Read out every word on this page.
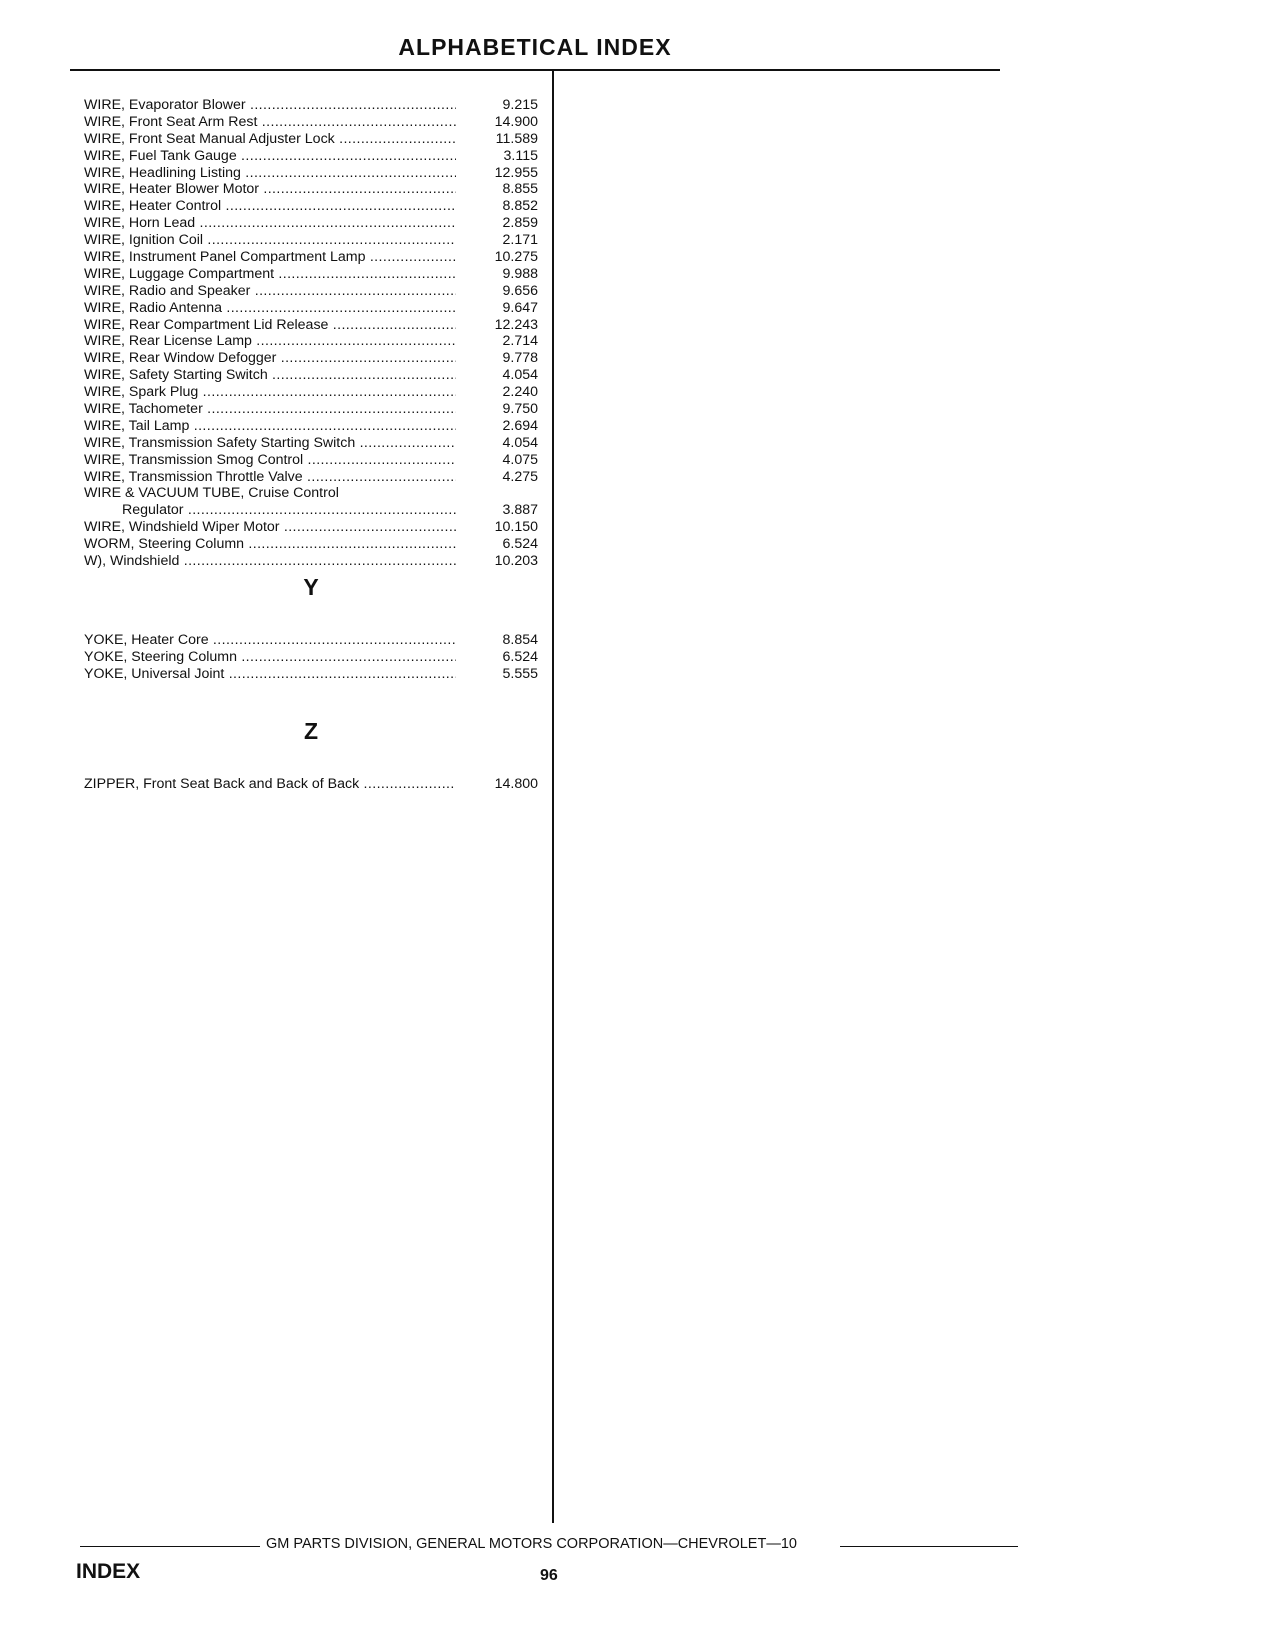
ALPHABETICAL INDEX
WIRE, Evaporator Blower .....	9.215
WIRE, Front Seat Arm Rest .....	14.900
WIRE, Front Seat Manual Adjuster Lock .....	11.589
WIRE, Fuel Tank Gauge .....	3.115
WIRE, Headlining Listing .....	12.955
WIRE, Heater Blower Motor .....	8.855
WIRE, Heater Control .....	8.852
WIRE, Horn Lead .....	2.859
WIRE, Ignition Coil .....	2.171
WIRE, Instrument Panel Compartment Lamp .....	10.275
WIRE, Luggage Compartment .....	9.988
WIRE, Radio and Speaker .....	9.656
WIRE, Radio Antenna .....	9.647
WIRE, Rear Compartment Lid Release .....	12.243
WIRE, Rear License Lamp .....	2.714
WIRE, Rear Window Defogger .....	9.778
WIRE, Safety Starting Switch .....	4.054
WIRE, Spark Plug .....	2.240
WIRE, Tachometer .....	9.750
WIRE, Tail Lamp .....	2.694
WIRE, Transmission Safety Starting Switch .....	4.054
WIRE, Transmission Smog Control .....	4.075
WIRE, Transmission Throttle Valve .....	4.275
WIRE & VACUUM TUBE, Cruise Control
Regulator .....	3.887
WIRE, Windshield Wiper Motor .....	10.150
WORM, Steering Column .....	6.524
W), Windshield .....	10.203
Y
YOKE, Heater Core .....	8.854
YOKE, Steering Column .....	6.524
YOKE, Universal Joint .....	5.555
Z
ZIPPER, Front Seat Back and Back of Back .....	14.800
GM PARTS DIVISION, GENERAL MOTORS CORPORATION—CHEVROLET—10
INDEX	96
